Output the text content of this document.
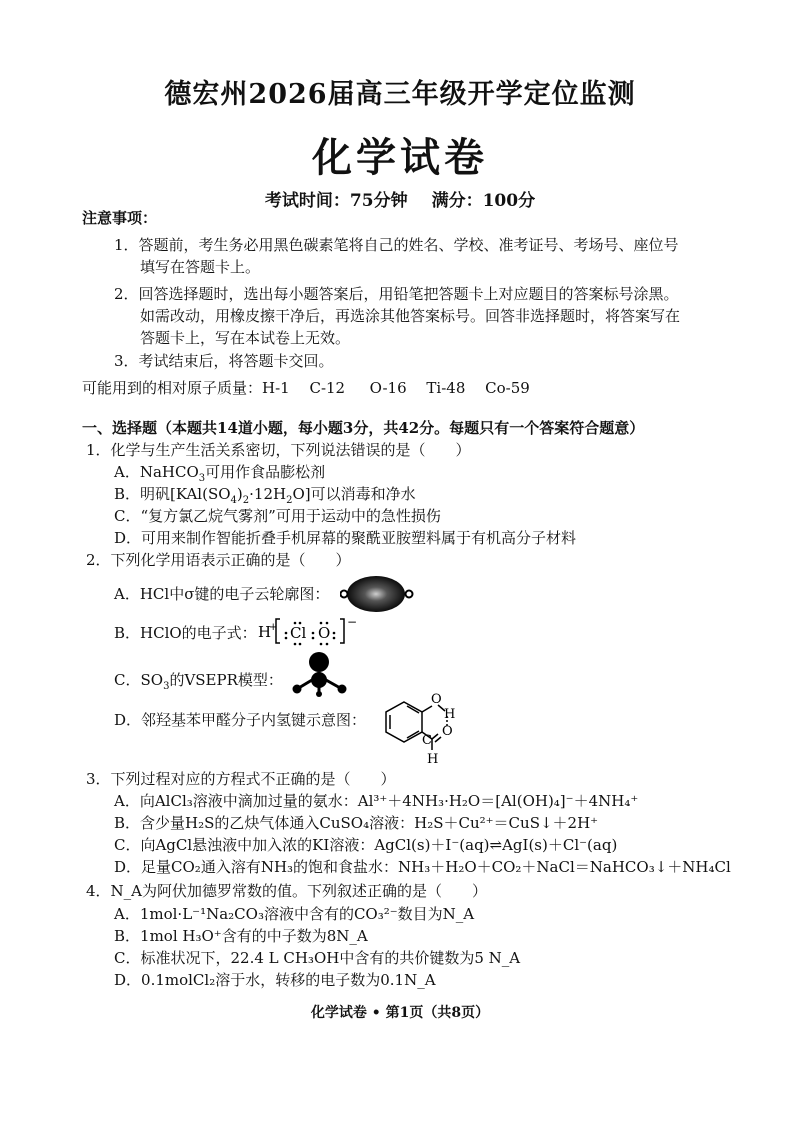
德宏州2026届高三年级开学定位监测
化学试卷
考试时间：75分钟 满分：100分
注意事项：
1．答题前，考生务必用黑色碳素笔将自己的姓名、学校、准考证号、考场号、座位号
填写在答题卡上。
2．回答选择题时，选出每小题答案后，用铅笔把答题卡上对应题目的答案标号涂黑。
如需改动，用橡皮擦干净后，再选涂其他答案标号。回答非选择题时，将答案写在
答题卡上，写在本试卷上无效。
3．考试结束后，将答题卡交回。
可能用到的相对原子质量：H-1　 C-12 　 O-16　 Ti-48 　Co-59
一、选择题（本题共14道小题，每小题3分，共42分。每题只有一个答案符合题意）
1．化学与生产生活关系密切，下列说法错误的是（　　）
A．NaHCO$_3$可用作食品膨松剂
B．明矾$[KAl(SO_4)_2\cdot 12H_2O]$可以消毒和净水
C．“复方氯乙烷气雾剂”可用于运动中的急性损伤
D．可用来制作智能折叠手机屏幕的聚酰亚胺塑料属于有机高分子材料
2．下列化学用语表示正确的是（　　）
A．HCl中σ键的电子云轮廓图：
B．HClO的电子式： H
+ Cl O
−
C．$SO_3$的VSEPR模型：
D．邻羟基苯甲醛分子内氢键示意图：
O
H
O
C
H
3．下列过程对应的方程式不正确的是（　　）
A．向AlCl₃溶液中滴加过量的氨水：Al³⁺＋4NH₃·H₂O＝[Al(OH)₄]⁻＋4NH₄⁺
B．含少量H₂S的乙炔气体通入CuSO₄溶液：H₂S＋Cu²⁺＝CuS↓＋2H⁺
C．向AgCl悬浊液中加入浓的KI溶液：AgCl(s)＋I⁻(aq)⇌AgI(s)＋Cl⁻(aq)
D．足量CO₂通入溶有NH₃的饱和食盐水：NH₃＋H₂O＋CO₂＋NaCl＝NaHCO₃↓＋NH₄Cl
4．N_A为阿伏加德罗常数的值。下列叙述正确的是（　　）
A．1mol·L⁻¹Na₂CO₃溶液中含有的CO₃²⁻数目为N_A
B．1mol H₃O⁺含有的中子数为8N_A
C．标准状况下，22.4 L CH₃OH中含有的共价键数为5 N_A
D．0.1molCl₂溶于水，转移的电子数为0.1N_A
化学试卷 • 第1页（共8页）
